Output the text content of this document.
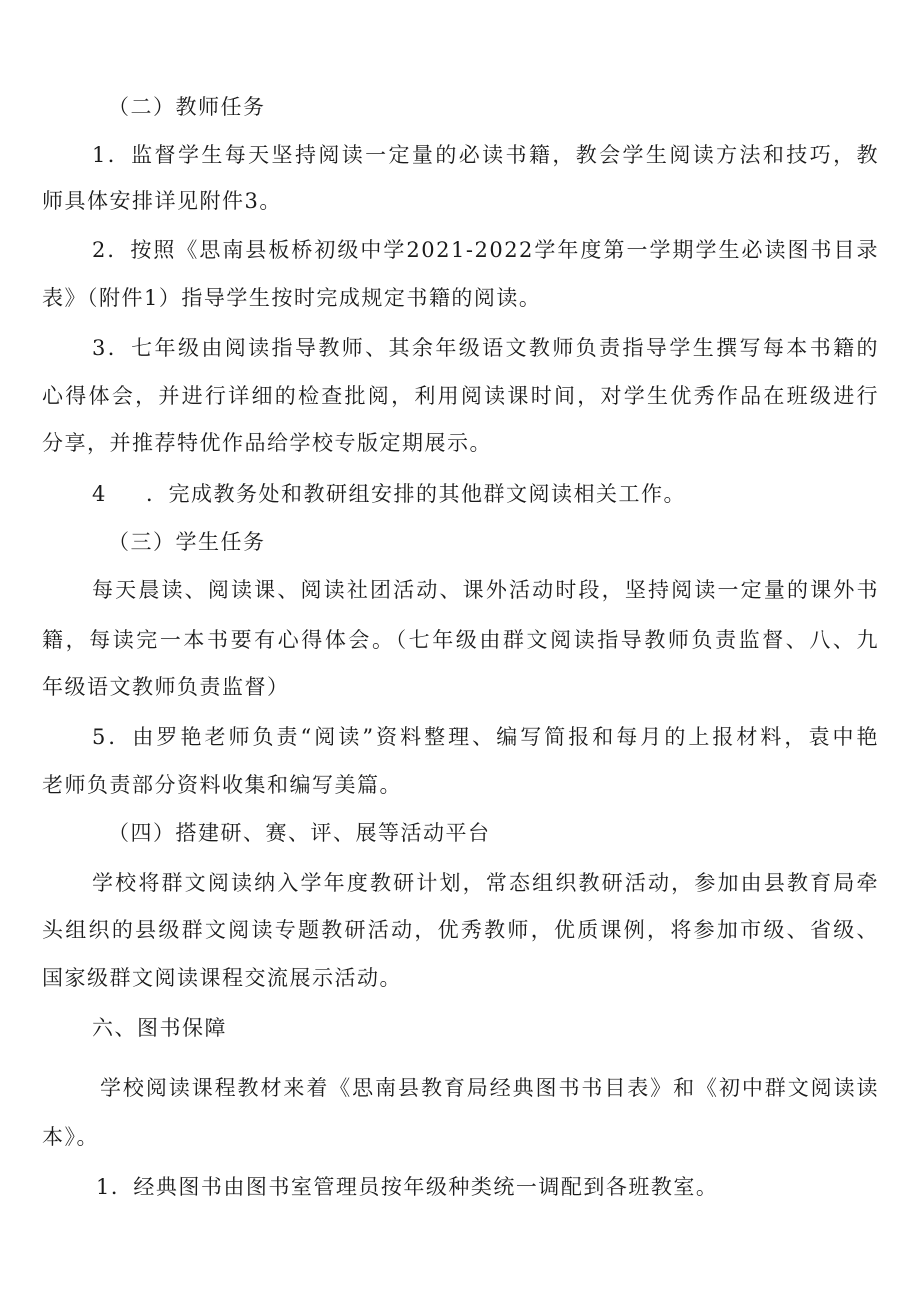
（二）教师任务
1．监督学生每天坚持阅读一定量的必读书籍，教会学生阅读方法和技巧，教
师具体安排详见附件3。
2．按照《思南县板桥初级中学2021-2022学年度第一学期学生必读图书目录
表》（附件1）指导学生按时完成规定书籍的阅读。
3．七年级由阅读指导教师、其余年级语文教师负责指导学生撰写每本书籍的
心得体会，并进行详细的检查批阅，利用阅读课时间，对学生优秀作品在班级进行
分享，并推荐特优作品给学校专版定期展示。
4 ．完成教务处和教研组安排的其他群文阅读相关工作。
（三）学生任务
每天晨读、阅读课、阅读社团活动、课外活动时段，坚持阅读一定量的课外书
籍，每读完一本书要有心得体会。（七年级由群文阅读指导教师负责监督、八、九
年级语文教师负责监督）
5．由罗艳老师负责“阅读”资料整理、编写简报和每月的上报材料，袁中艳
老师负责部分资料收集和编写美篇。
（四）搭建研、赛、评、展等活动平台
学校将群文阅读纳入学年度教研计划，常态组织教研活动，参加由县教育局牵
头组织的县级群文阅读专题教研活动，优秀教师，优质课例，将参加市级、省级、
国家级群文阅读课程交流展示活动。
六、图书保障
学校阅读课程教材来着《思南县教育局经典图书书目表》和《初中群文阅读读
本》。
1．经典图书由图书室管理员按年级种类统一调配到各班教室。
